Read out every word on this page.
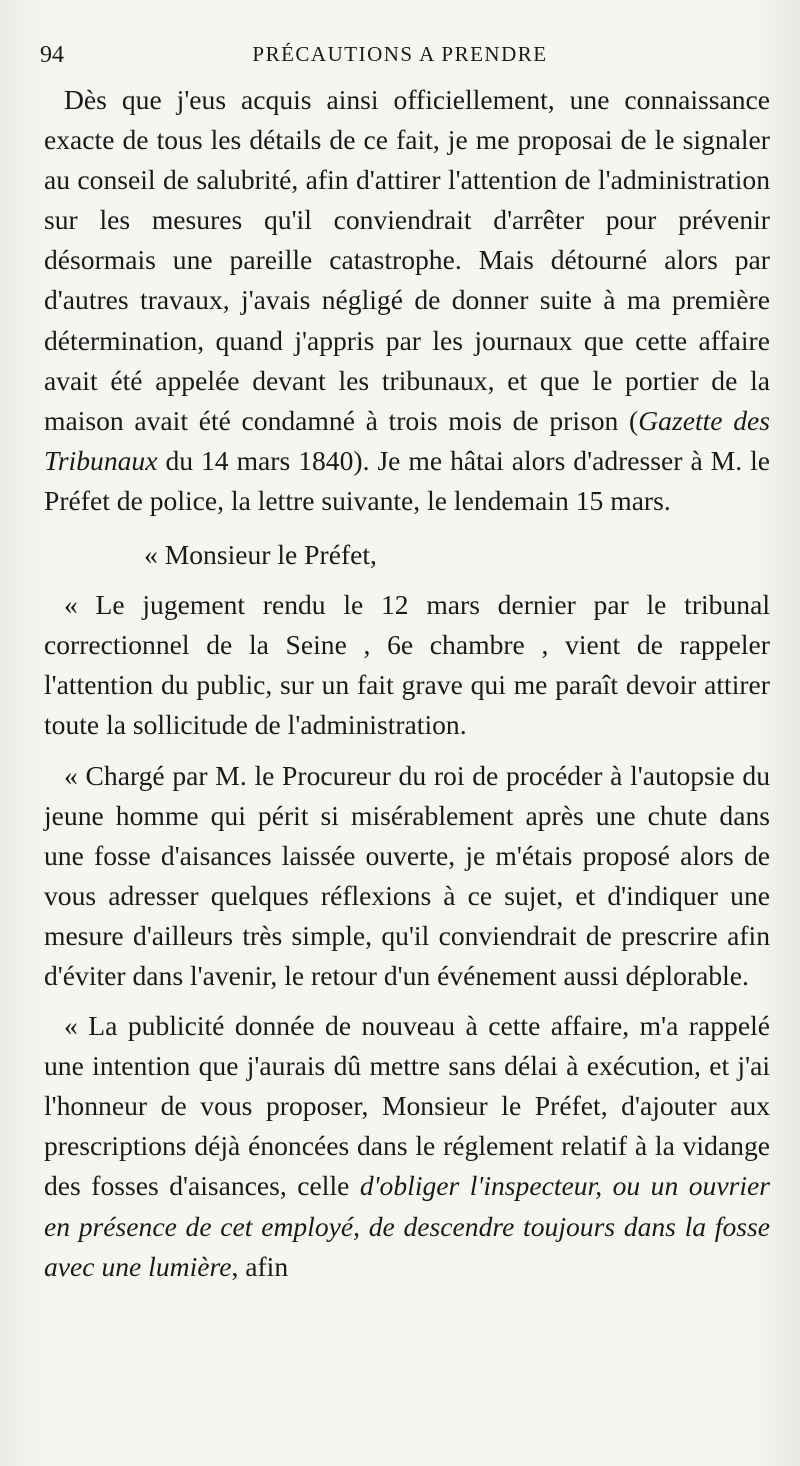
94	PRÉCAUTIONS A PRENDRE

Dès que j'eus acquis ainsi officiellement, une connaissance exacte de tous les détails de ce fait, je me proposai de le signaler au conseil de salubrité, afin d'attirer l'attention de l'administration sur les mesures qu'il conviendrait d'arrêter pour prévenir désormais une pareille catastrophe. Mais détourné alors par d'autres travaux, j'avais négligé de donner suite à ma première détermination, quand j'appris par les journaux que cette affaire avait été appelée devant les tribunaux, et que le portier de la maison avait été condamné à trois mois de prison (Gazette des Tribunaux du 14 mars 1840). Je me hâtai alors d'adresser à M. le Préfet de police, la lettre suivante, le lendemain 15 mars.

« Monsieur le Préfet,

« Le jugement rendu le 12 mars dernier par le tribunal correctionnel de la Seine , 6e chambre , vient de rappeler l'attention du public, sur un fait grave qui me paraît devoir attirer toute la sollicitude de l'administration.

« Chargé par M. le Procureur du roi de procéder à l'autopsie du jeune homme qui périt si misérablement après une chute dans une fosse d'aisances laissée ouverte, je m'étais proposé alors de vous adresser quelques réflexions à ce sujet, et d'indiquer une mesure d'ailleurs très simple, qu'il conviendrait de prescrire afin d'éviter dans l'avenir, le retour d'un événement aussi déplorable.

« La publicité donnée de nouveau à cette affaire, m'a rappelé une intention que j'aurais dû mettre sans délai à exécution, et j'ai l'honneur de vous proposer, Monsieur le Préfet, d'ajouter aux prescriptions déjà énoncées dans le réglement relatif à la vidange des fosses d'aisances, celle d'obliger l'inspecteur, ou un ouvrier en présence de cet employé, de descendre toujours dans la fosse avec une lumière, afin
